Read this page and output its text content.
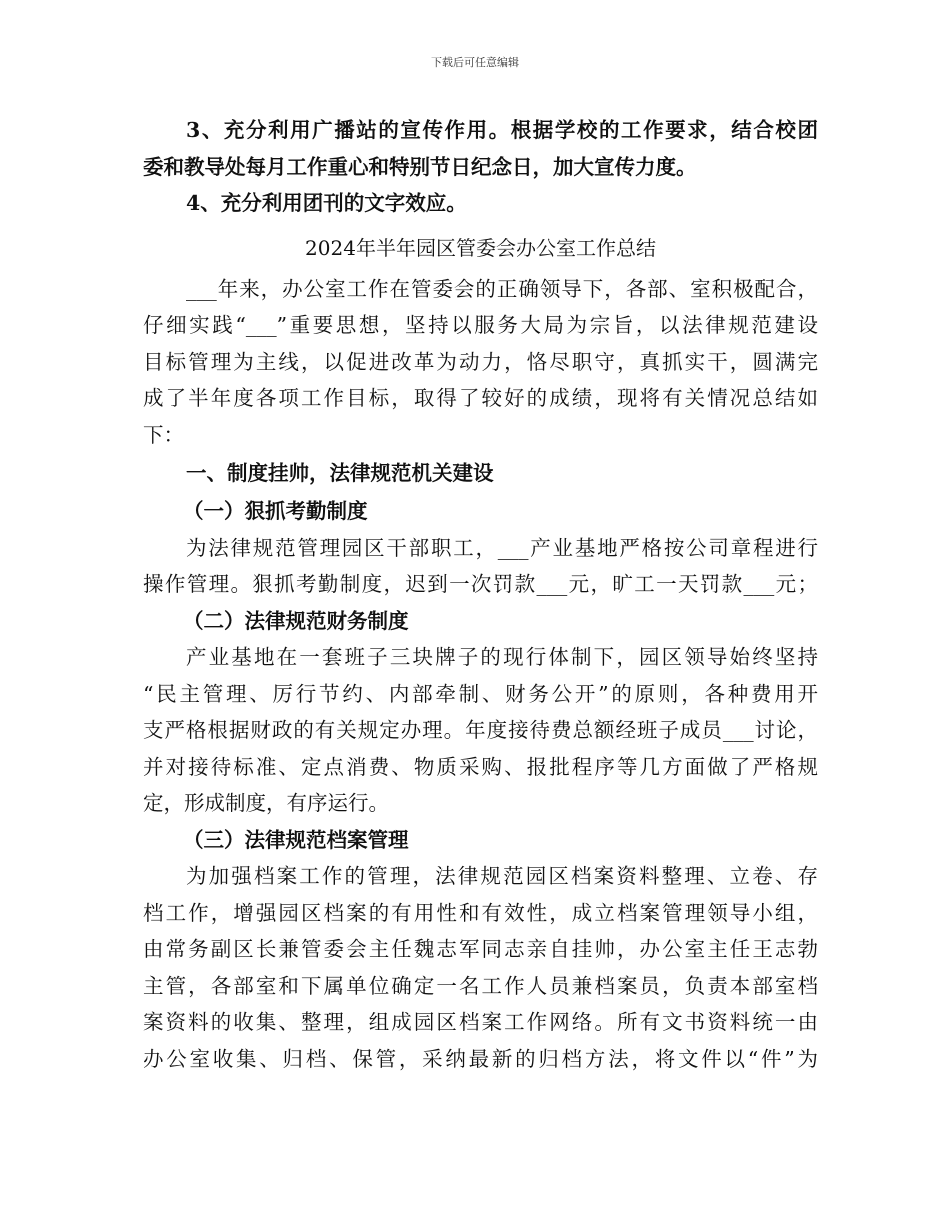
下载后可任意编辑
3、充分利用广播站的宣传作用。根据学校的工作要求，结合校团
委和教导处每月工作重心和特别节日纪念日，加大宣传力度。
4、充分利用团刊的文字效应。
2024年半年园区管委会办公室工作总结
___年来，办公室工作在管委会的正确领导下，各部、室积极配合，
仔细实践“___”重要思想，坚持以服务大局为宗旨，以法律规范建设
目标管理为主线，以促进改革为动力，恪尽职守，真抓实干，圆满完
成了半年度各项工作目标，取得了较好的成绩，现将有关情况总结如
下：
一、制度挂帅，法律规范机关建设
（一）狠抓考勤制度
为法律规范管理园区干部职工，___产业基地严格按公司章程进行
操作管理。狠抓考勤制度，迟到一次罚款___元，旷工一天罚款___元；
（二）法律规范财务制度
产业基地在一套班子三块牌子的现行体制下，园区领导始终坚持
“民主管理、厉行节约、内部牵制、财务公开”的原则，各种费用开
支严格根据财政的有关规定办理。年度接待费总额经班子成员___讨论，
并对接待标准、定点消费、物质采购、报批程序等几方面做了严格规
定，形成制度，有序运行。
（三）法律规范档案管理
为加强档案工作的管理，法律规范园区档案资料整理、立卷、存
档工作，增强园区档案的有用性和有效性，成立档案管理领导小组，
由常务副区长兼管委会主任魏志军同志亲自挂帅，办公室主任王志勃
主管，各部室和下属单位确定一名工作人员兼档案员，负责本部室档
案资料的收集、整理，组成园区档案工作网络。所有文书资料统一由
办公室收集、归档、保管，采纳最新的归档方法，将文件以“件”为
